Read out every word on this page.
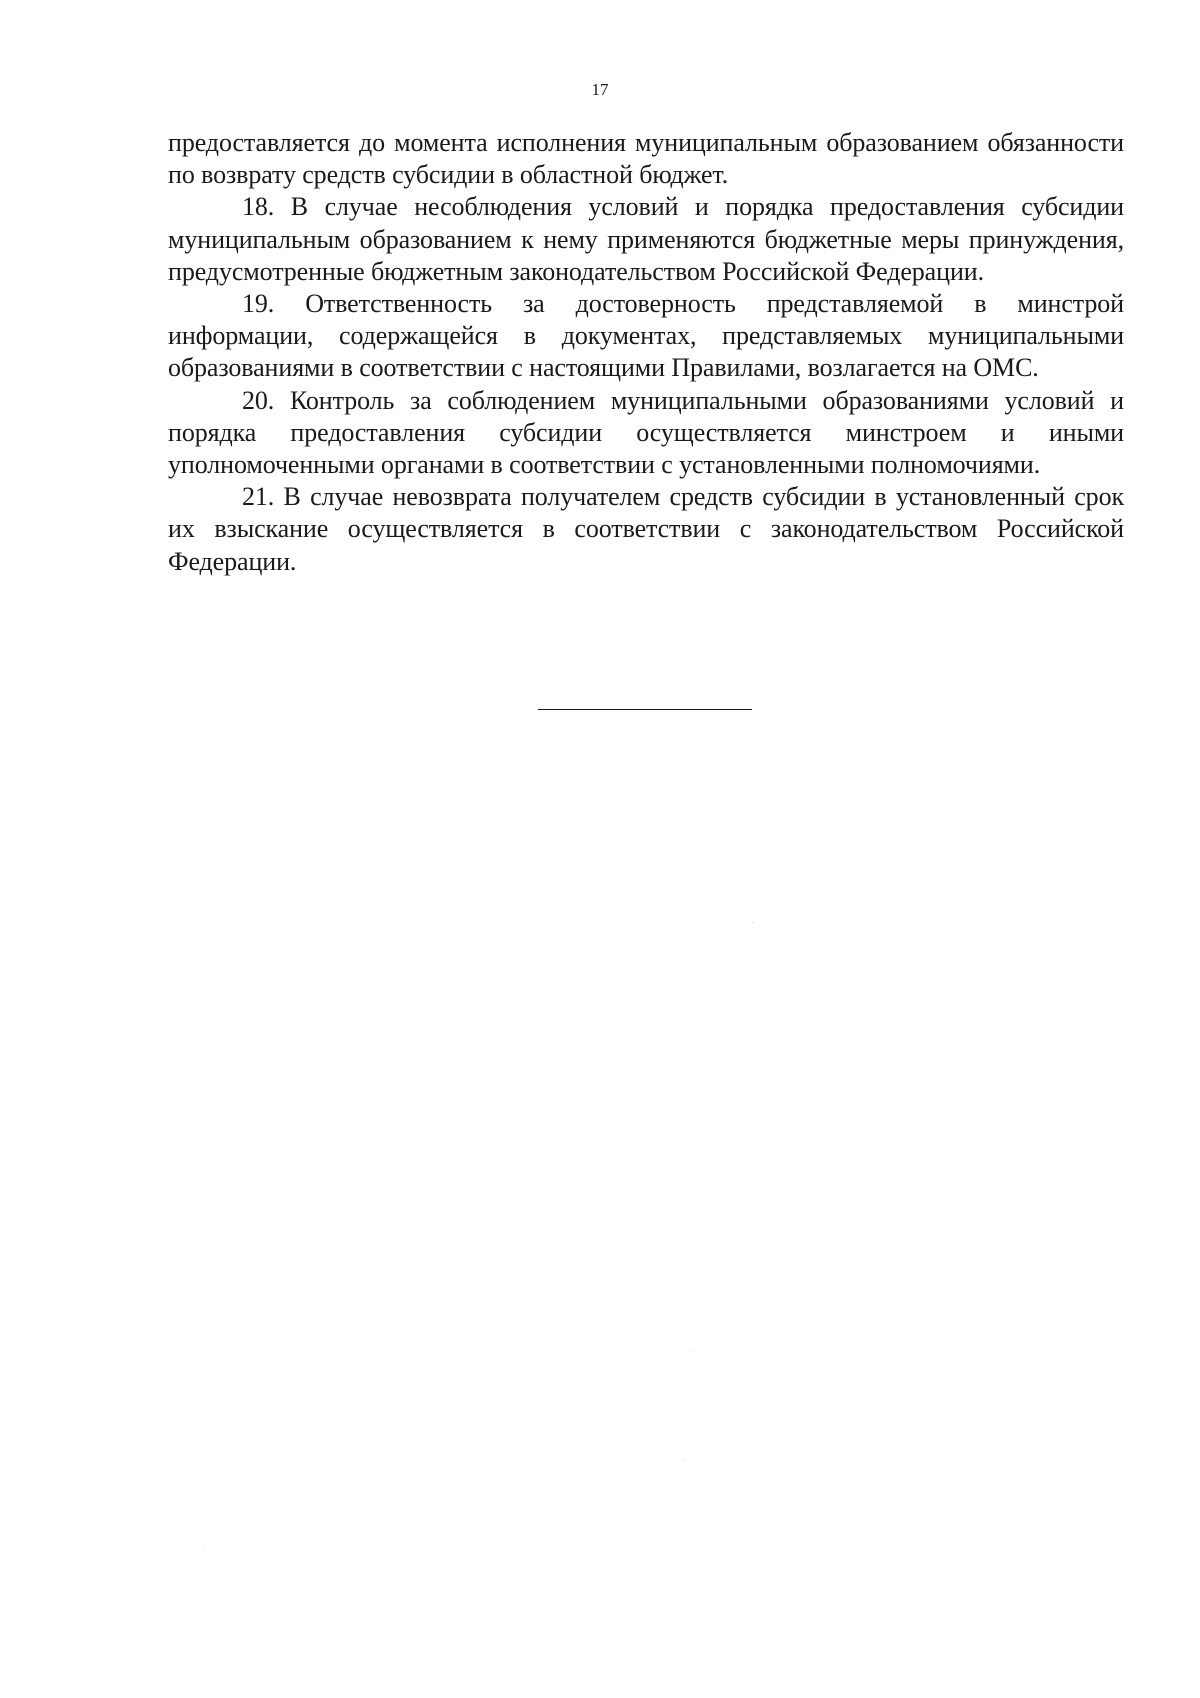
17

предоставляется до момента исполнения муниципальным образованием обязанности по возврату средств субсидии в областной бюджет.

18. В случае несоблюдения условий и порядка предоставления субсидии муниципальным образованием к нему применяются бюджетные меры принуждения, предусмотренные бюджетным законодательством Российской Федерации.

19. Ответственность за достоверность представляемой в минстрой информации, содержащейся в документах, представляемых муниципальными образованиями в соответствии с настоящими Правилами, возлагается на ОМС.

20. Контроль за соблюдением муниципальными образованиями условий и порядка предоставления субсидии осуществляется минстроем и иными уполномоченными органами в соответствии с установленными полномочиями.

21. В случае невозврата получателем средств субсидии в установленный срок их взыскание осуществляется в соответствии с законодательством Российской Федерации.
